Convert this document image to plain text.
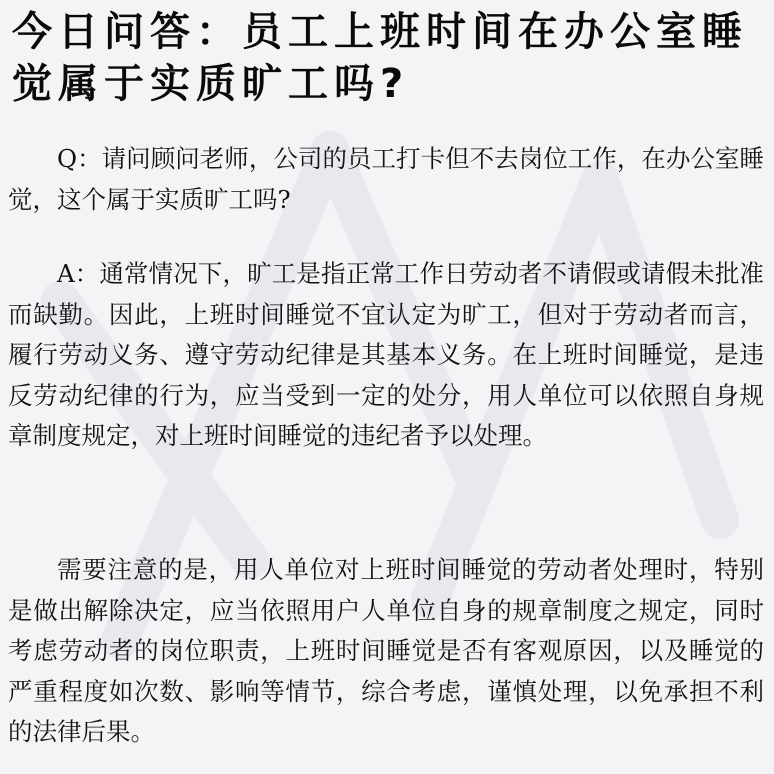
今日问答：员工上班时间在办公室睡觉属于实质旷工吗?

Q：请问顾问老师，公司的员工打卡但不去岗位工作，在办公室睡觉，这个属于实质旷工吗?

A：通常情况下，旷工是指正常工作日劳动者不请假或请假未批准而缺勤。因此，上班时间睡觉不宜认定为旷工，但对于劳动者而言，履行劳动义务、遵守劳动纪律是其基本义务。在上班时间睡觉，是违反劳动纪律的行为，应当受到一定的处分，用人单位可以依照自身规章制度规定，对上班时间睡觉的违纪者予以处理。

需要注意的是，用人单位对上班时间睡觉的劳动者处理时，特别是做出解除决定，应当依照用户人单位自身的规章制度之规定，同时考虑劳动者的岗位职责，上班时间睡觉是否有客观原因，以及睡觉的严重程度如次数、影响等情节，综合考虑，谨慎处理，以免承担不利的法律后果。
